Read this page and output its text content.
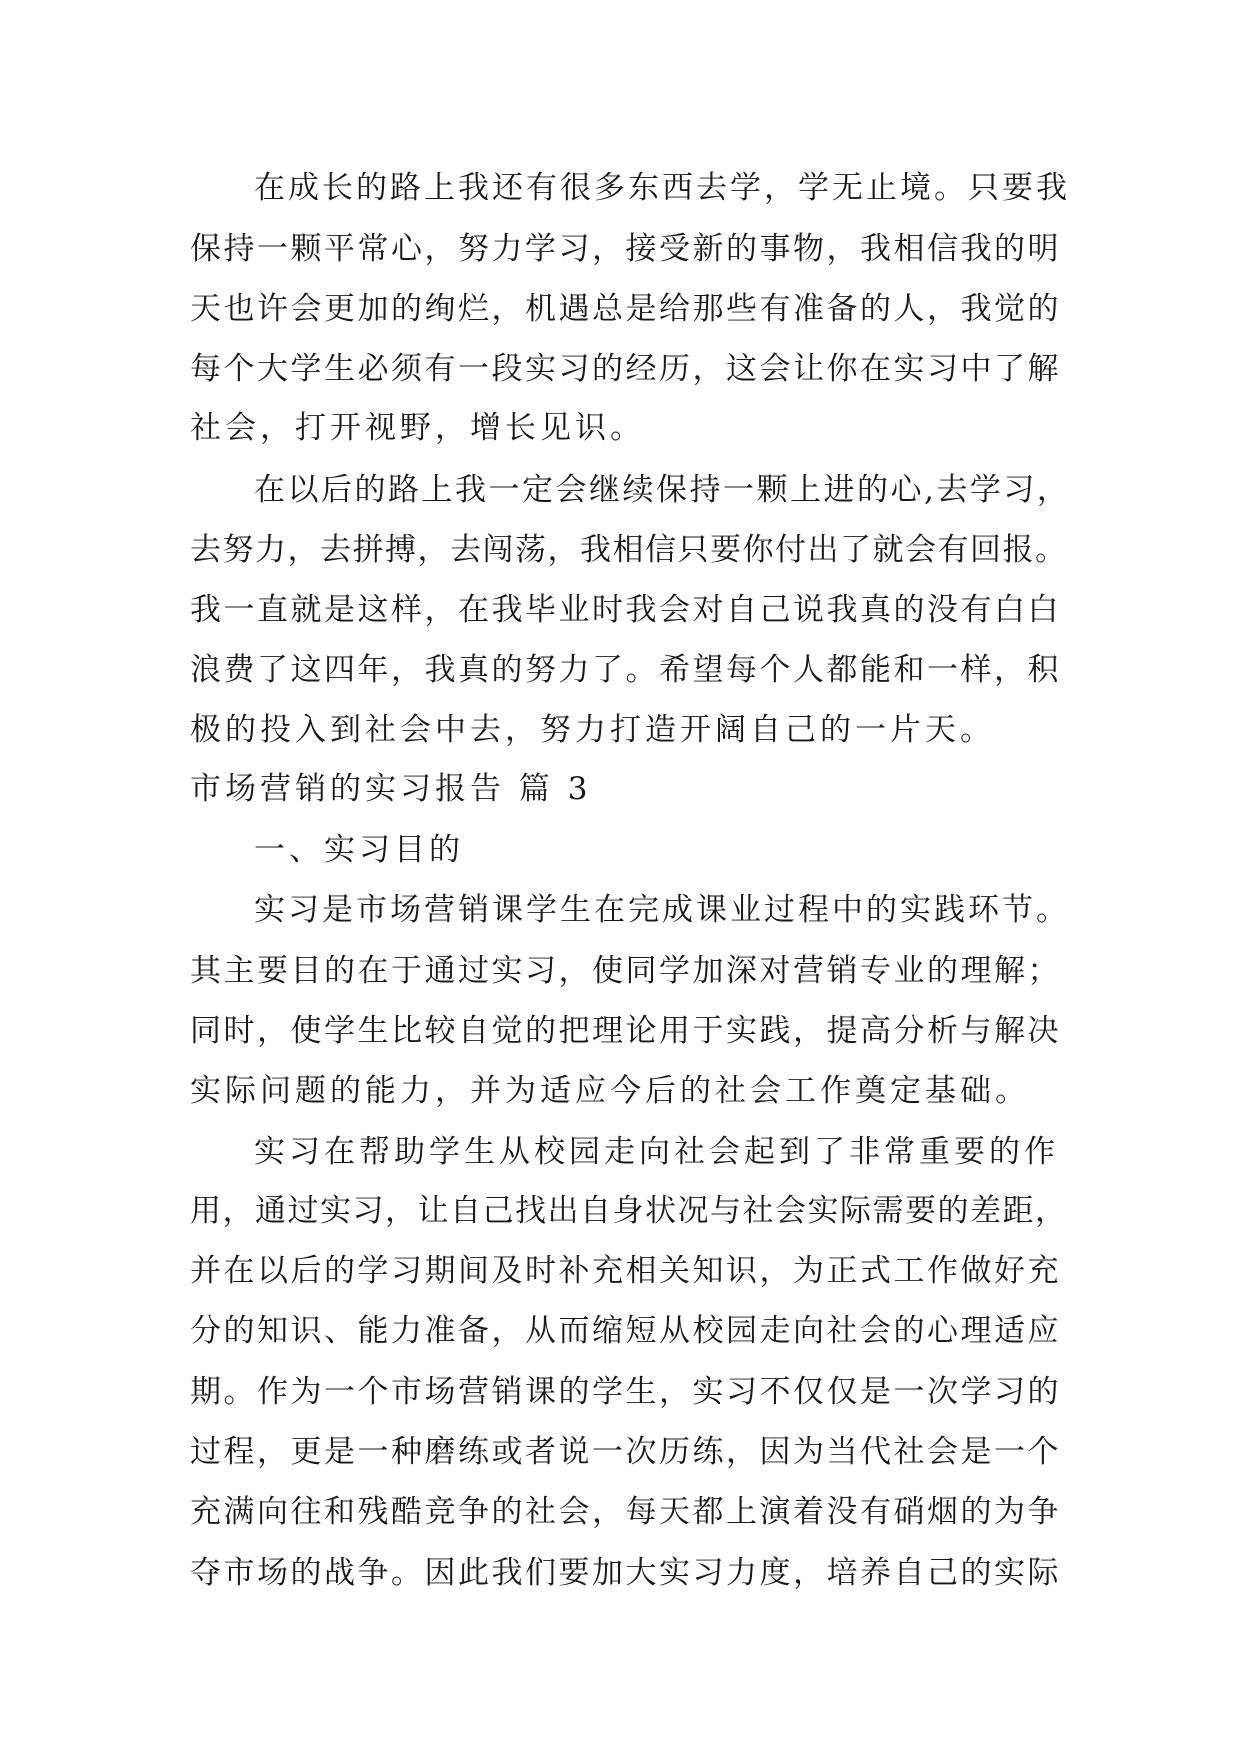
在成长的路上我还有很多东西去学，学无止境。只要我
保持一颗平常心，努力学习，接受新的事物，我相信我的明
天也许会更加的绚烂，机遇总是给那些有准备的人，我觉的
每个大学生必须有一段实习的经历，这会让你在实习中了解
社会，打开视野，增长见识。
在以后的路上我一定会继续保持一颗上进的心,去学习，
去努力，去拼搏，去闯荡，我相信只要你付出了就会有回报。
我一直就是这样，在我毕业时我会对自己说我真的没有白白
浪费了这四年，我真的努力了。希望每个人都能和一样，积
极的投入到社会中去，努力打造开阔自己的一片天。
市场营销的实习报告 篇 3
一、实习目的
实习是市场营销课学生在完成课业过程中的实践环节。
其主要目的在于通过实习，使同学加深对营销专业的理解；
同时，使学生比较自觉的把理论用于实践，提高分析与解决
实际问题的能力，并为适应今后的社会工作奠定基础。
实习在帮助学生从校园走向社会起到了非常重要的作
用，通过实习，让自己找出自身状况与社会实际需要的差距，
并在以后的学习期间及时补充相关知识，为正式工作做好充
分的知识、能力准备，从而缩短从校园走向社会的心理适应
期。作为一个市场营销课的学生，实习不仅仅是一次学习的
过程，更是一种磨练或者说一次历练，因为当代社会是一个
充满向往和残酷竞争的社会，每天都上演着没有硝烟的为争
夺市场的战争。因此我们要加大实习力度，培养自己的实际
